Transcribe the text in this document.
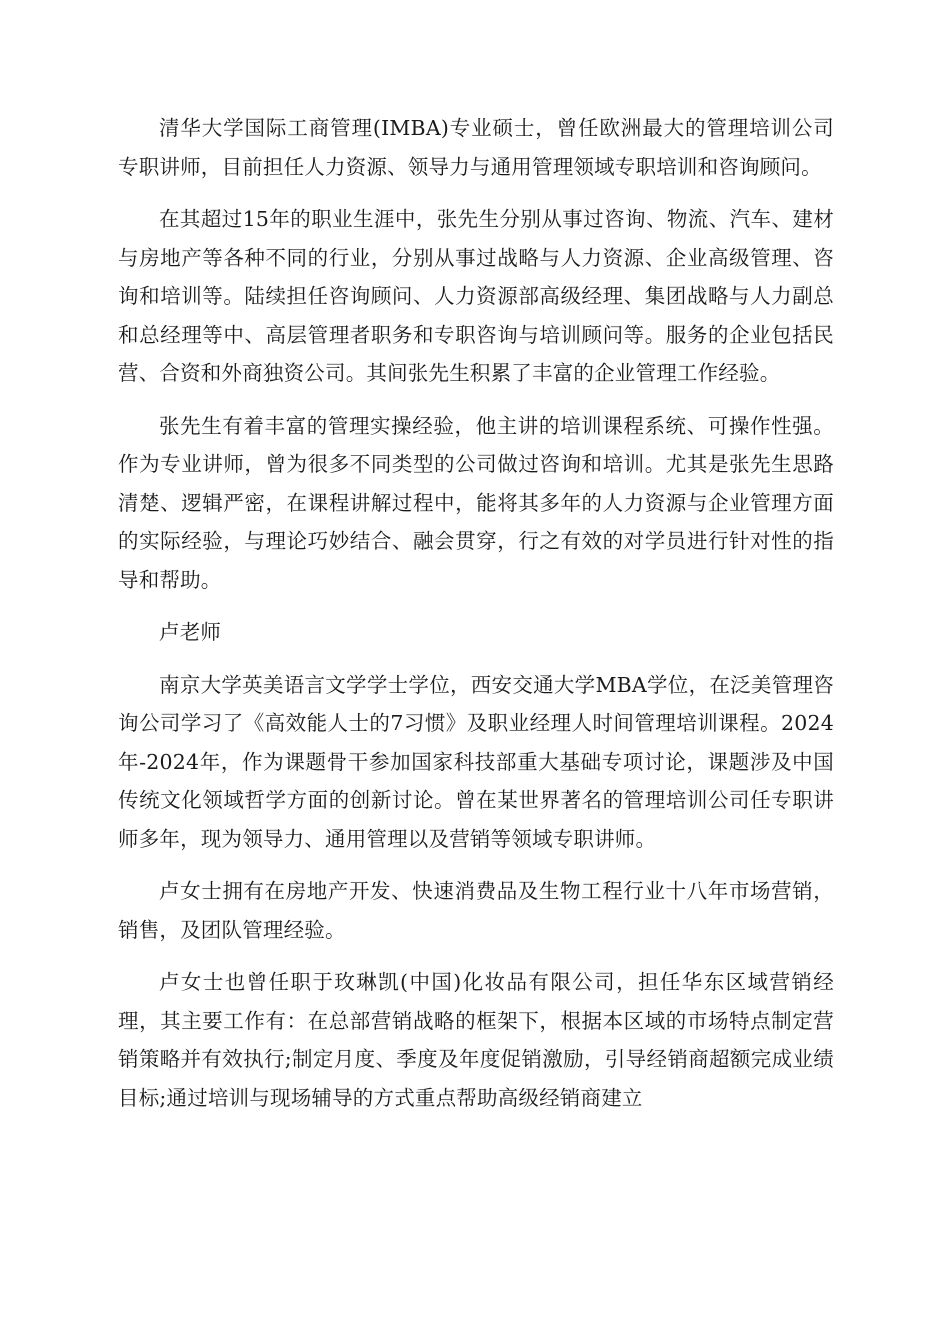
清华大学国际工商管理(IMBA)专业硕士，曾任欧洲最大的管理培训公司专职讲师，目前担任人力资源、领导力与通用管理领域专职培训和咨询顾问。

在其超过15年的职业生涯中，张先生分别从事过咨询、物流、汽车、建材与房地产等各种不同的行业，分别从事过战略与人力资源、企业高级管理、咨询和培训等。陆续担任咨询顾问、人力资源部高级经理、集团战略与人力副总和总经理等中、高层管理者职务和专职咨询与培训顾问等。服务的企业包括民营、合资和外商独资公司。其间张先生积累了丰富的企业管理工作经验。

张先生有着丰富的管理实操经验，他主讲的培训课程系统、可操作性强。作为专业讲师，曾为很多不同类型的公司做过咨询和培训。尤其是张先生思路清楚、逻辑严密，在课程讲解过程中，能将其多年的人力资源与企业管理方面的实际经验，与理论巧妙结合、融会贯穿，行之有效的对学员进行针对性的指导和帮助。

卢老师

南京大学英美语言文学学士学位，西安交通大学MBA学位，在泛美管理咨询公司学习了《高效能人士的7习惯》及职业经理人时间管理培训课程。2024年-2024年，作为课题骨干参加国家科技部重大基础专项讨论，课题涉及中国传统文化领域哲学方面的创新讨论。曾在某世界著名的管理培训公司任专职讲师多年，现为领导力、通用管理以及营销等领域专职讲师。

卢女士拥有在房地产开发、快速消费品及生物工程行业十八年市场营销，销售，及团队管理经验。

卢女士也曾任职于玫琳凯(中国)化妆品有限公司，担任华东区域营销经理，其主要工作有：在总部营销战略的框架下，根据本区域的市场特点制定营销策略并有效执行;制定月度、季度及年度促销激励，引导经销商超额完成业绩目标;通过培训与现场辅导的方式重点帮助高级经销商建立
